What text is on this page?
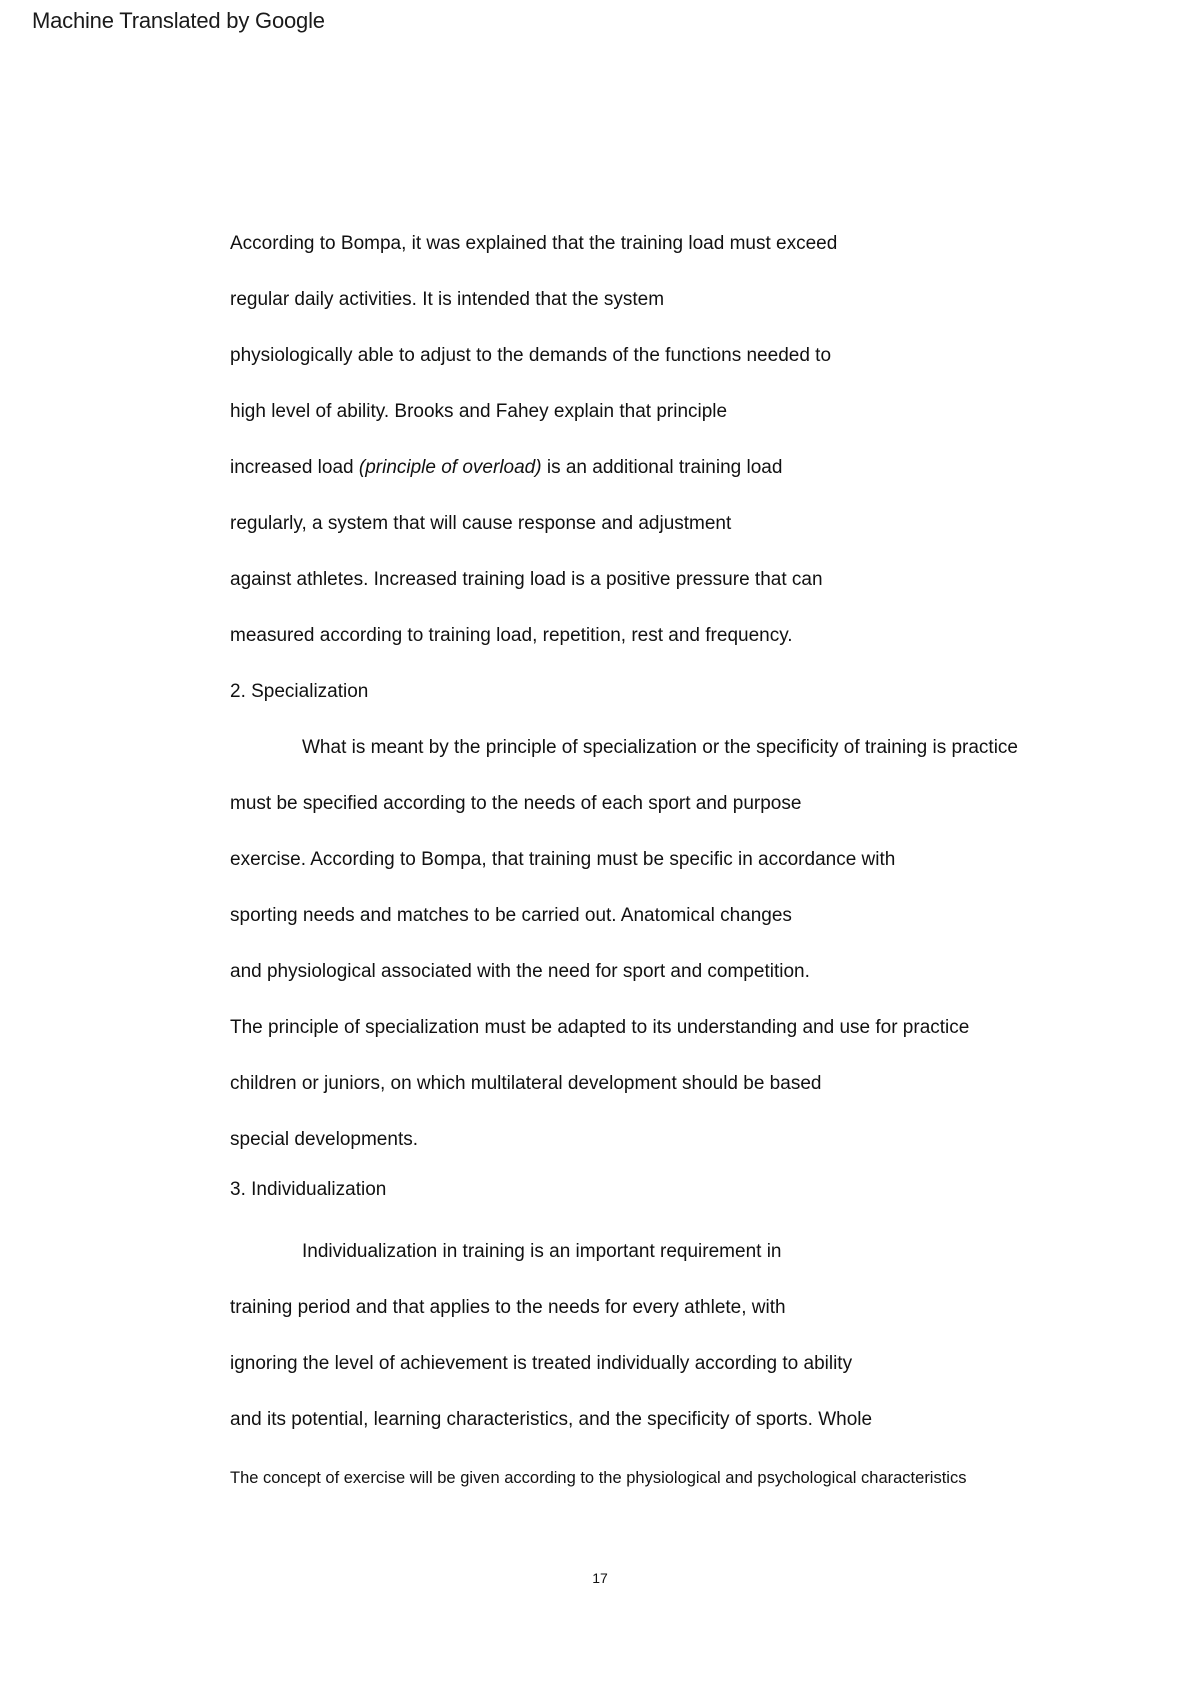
Machine Translated by Google
According to Bompa, it was explained that the training load must exceed
regular daily activities. It is intended that the system
physiologically able to adjust to the demands of the functions needed to
high level of ability. Brooks and Fahey explain that principle
increased load (principle of overload) is an additional training load
regularly, a system that will cause response and adjustment
against athletes. Increased training load is a positive pressure that can
measured according to training load, repetition, rest and frequency.
2. Specialization
What is meant by the principle of specialization or the specificity of training is practice
must be specified according to the needs of each sport and purpose
exercise. According to Bompa, that training must be specific in accordance with
sporting needs and matches to be carried out. Anatomical changes
and physiological associated with the need for sport and competition.
The principle of specialization must be adapted to its understanding and use for practice
children or juniors, on which multilateral development should be based
special developments.
3. Individualization
Individualization in training is an important requirement in
training period and that applies to the needs for every athlete, with
ignoring the level of achievement is treated individually according to ability
and its potential, learning characteristics, and the specificity of sports. Whole
The concept of exercise will be given according to the physiological and psychological characteristics
17
